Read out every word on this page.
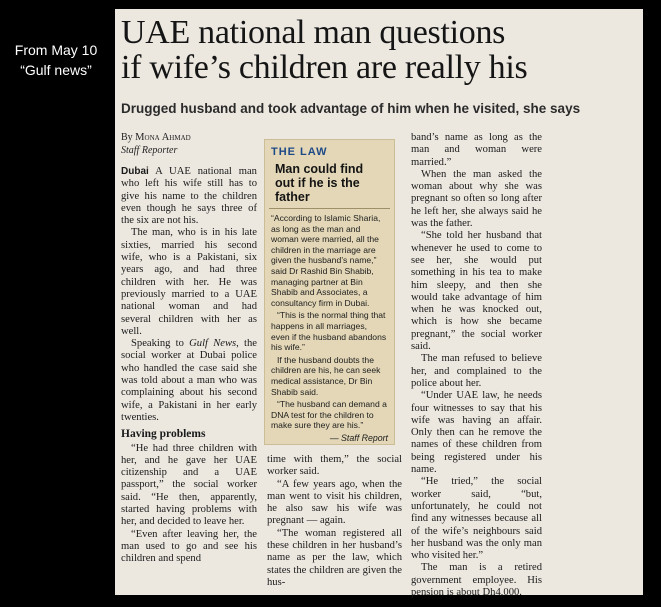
From May 10
“Gulf news”
UAE national man questions
if wife’s children are really his
Drugged husband and took advantage of him when he visited, she says
By Mona Ahmad
Staff Reporter

Dubai A UAE national man who left his wife still has to give his name to the children even though he says three of the six are not his.

The man, who is in his late sixties, married his second wife, who is a Pakistani, six years ago, and had three children with her. He was previously married to a UAE national woman and had several children with her as well.

Speaking to Gulf News, the social worker at Dubai police who handled the case said she was told about a man who was complaining about his second wife, a Pakistani in her early twenties.

Having problems

“He had three children with her, and he gave her UAE citizenship and a UAE passport,” the social worker said. “He then, apparently, started having problems with her, and decided to leave her.

“Even after leaving her, the man used to go and see his children and spend

THE LAW
Man could find out if he is the father

“According to Islamic Sharia, as long as the man and woman were married, all the children in the marriage are given the husband’s name,” said Dr Rashid Bin Shabib, managing partner at Bin Shabib and Associates, a consultancy firm in Dubai.

“This is the normal thing that happens in all marriages, even if the husband abandons his wife.”

If the husband doubts the children are his, he can seek medical assistance, Dr Bin Shabib said.

“The husband can demand a DNA test for the children to make sure they are his.”

— Staff Report

time with them,” the social worker said.

“A few years ago, when the man went to visit his children, he also saw his wife was pregnant — again.

“The woman registered all these children in her husband’s name as per the law, which states the children are given the hus-

band’s name as long as the man and woman were married.”

When the man asked the woman about why she was pregnant so often so long after he left her, she always said he was the father.

“She told her husband that whenever he used to come to see her, she would put something in his tea to make him sleepy, and then she would take advantage of him when he was knocked out, which is how she became pregnant,” the social worker said.

The man refused to believe her, and complained to the police about her.

“Under UAE law, he needs four witnesses to say that his wife was having an affair. Only then can he remove the names of these children from being registered under his name.

“He tried,” the social worker said, “but, unfortunately, he could not find any witnesses because all of the wife’s neighbours said her husband was the only man who visited her.”

The man is a retired government employee. His pension is about Dh4,000.
